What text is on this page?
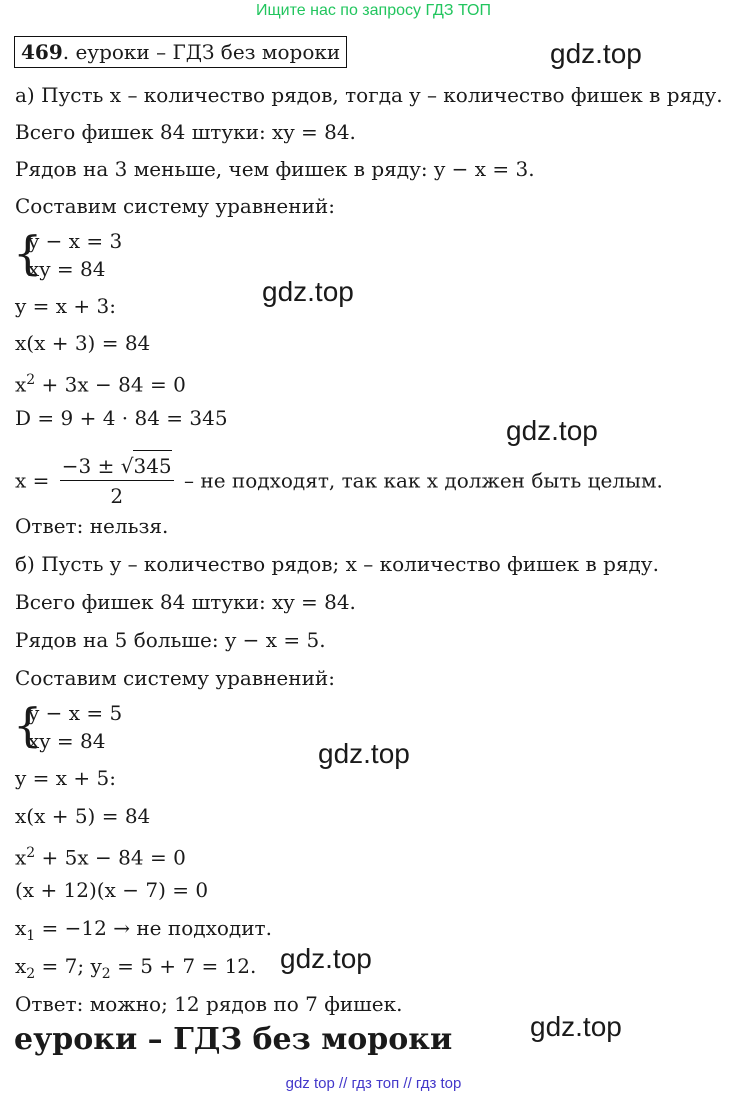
Ищите нас по запросу ГДЗ ТОП
469. еуроки – ГДЗ без мороки	gdz.top
gdz.top
gdz.top
gdz.top
gdz.top
gdz.top
а) Пусть x – количество рядов, тогда y – количество фишек в ряду.
Всего фишек 84 штуки: xy = 84.
Рядов на 3 меньше, чем фишек в ряду: y − x = 3.
Составим систему уравнений:
{
y − x = 3
xy = 84
y = x + 3:
x(x + 3) = 84
$x^2 + 3x - 84 = 0$
D = 9 + 4 · 84 = 345
$x = \frac{-3 \pm √345}{2}$ – не подходят, так как x должен быть целым.
Ответ: нельзя.
б) Пусть y – количество рядов; x – количество фишек в ряду.
Всего фишек 84 штуки: xy = 84.
Рядов на 5 больше: y − x = 5.
Составим систему уравнений:
{
y − x = 5
xy = 84
y = x + 5:
x(x + 5) = 84
$x^2 + 5x - 84 = 0$
(x + 12)(x − 7) = 0
$x_1 = -12$ → не подходит.
$x_2 = 7$; $y_2 = 5 + 7 = 12$.
Ответ: можно; 12 рядов по 7 фишек.
еуроки – ГДЗ без мороки
gdz top // гдз топ // гдз top
